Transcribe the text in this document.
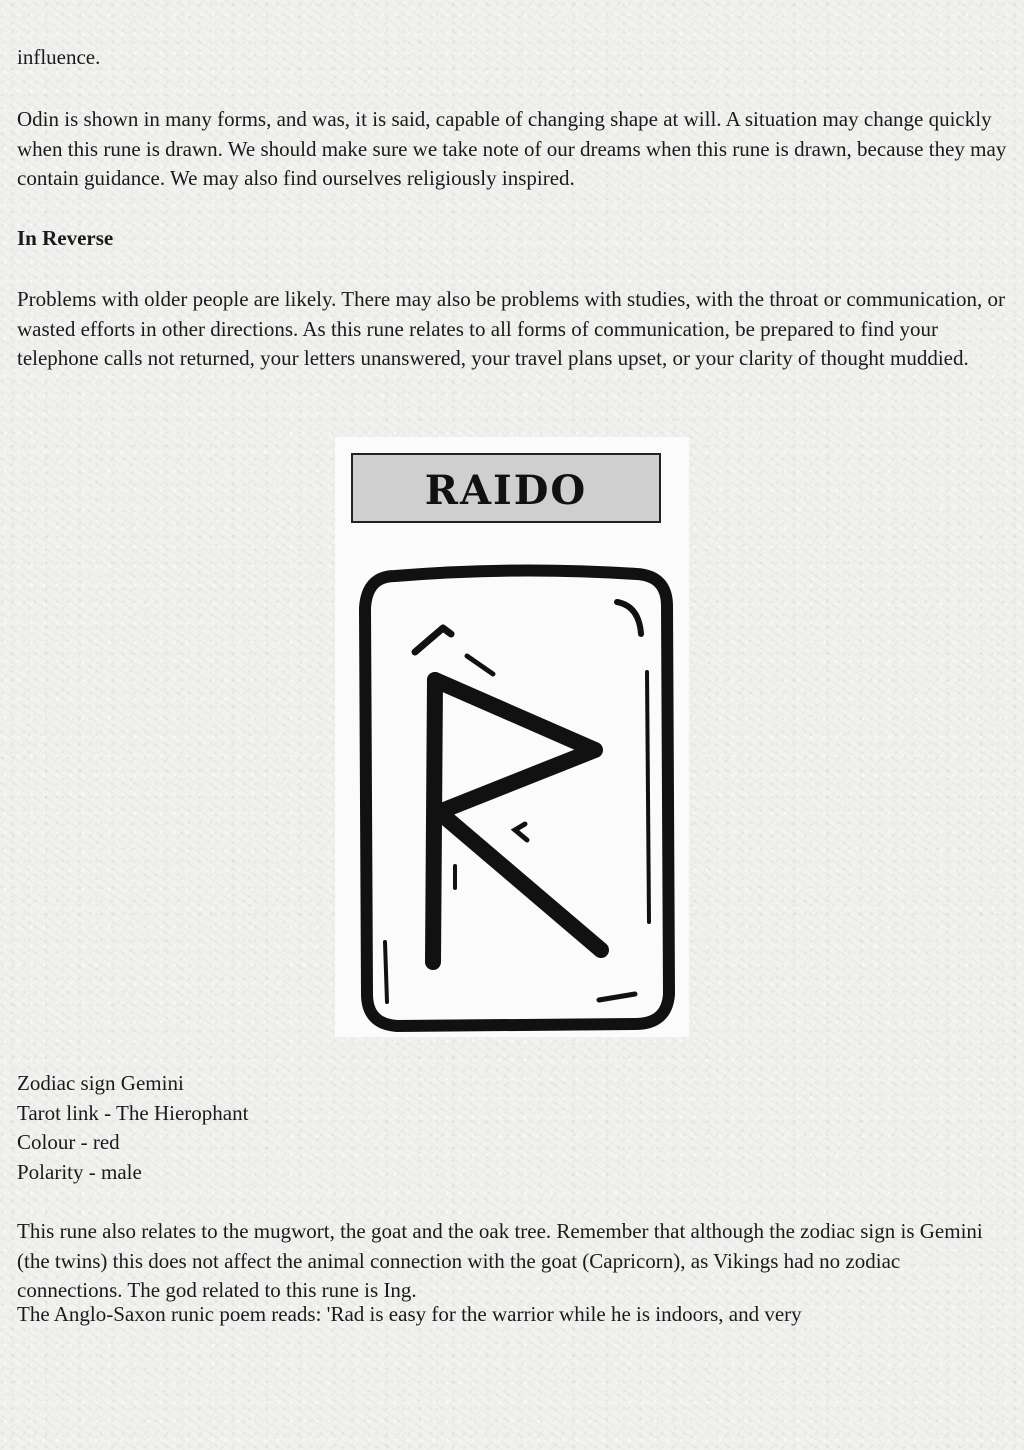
influence.

Odin is shown in many forms, and was, it is said, capable of changing shape at will. A situation may change quickly when this rune is drawn. We should make sure we take note of our dreams when this rune is drawn, because they may contain guidance. We may also find ourselves religiously inspired.

In Reverse

Problems with older people are likely. There may also be problems with studies, with the throat or communication, or wasted efforts in other directions. As this rune relates to all forms of communication, be prepared to find your telephone calls not returned, your letters unanswered, your travel plans upset, or your clarity of thought muddied.

Zodiac sign Gemini
Tarot link - The Hierophant
Colour - red
Polarity - male

This rune also relates to the mugwort, the goat and the oak tree. Remember that although the zodiac sign is Gemini (the twins) this does not affect the animal connection with the goat (Capricorn), as Vikings had no zodiac connections. The god related to this rune is Ing.

The Anglo-Saxon runic poem reads: 'Rad is easy for the warrior while he is indoors, and very

RAIDO
